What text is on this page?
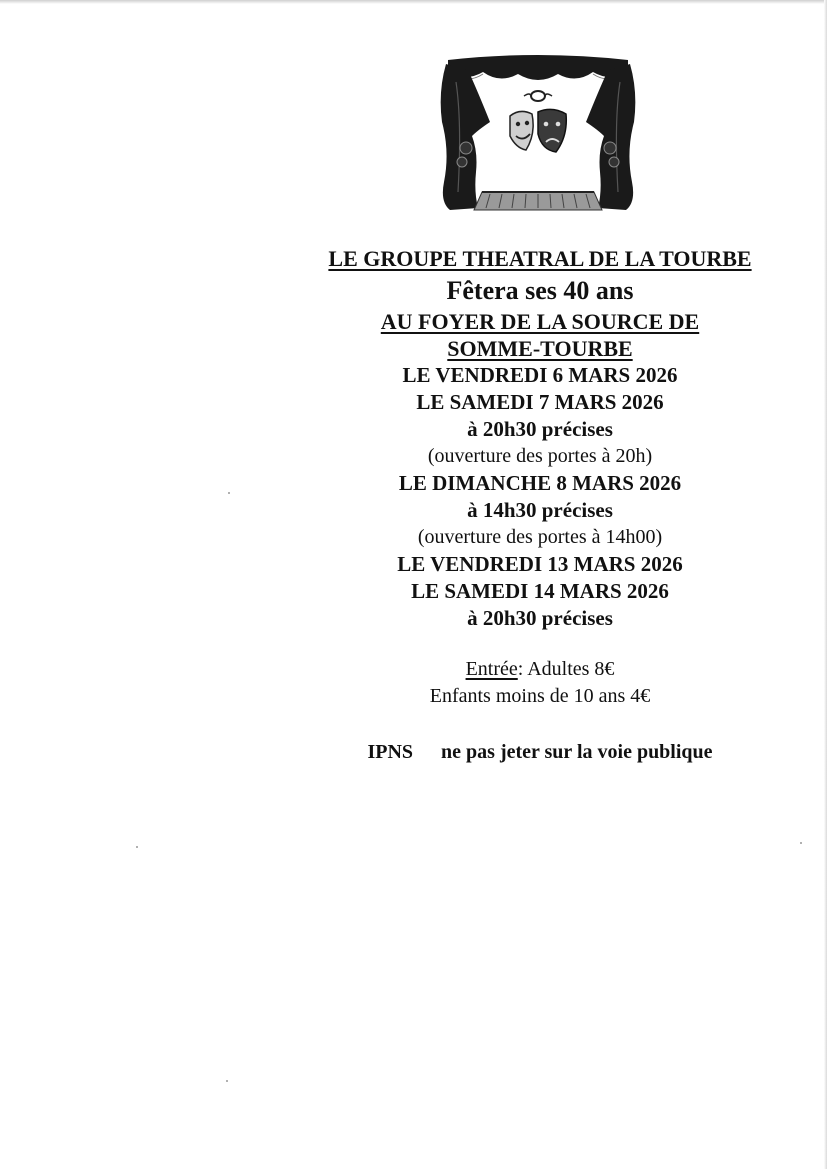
LE GROUPE THEATRAL DE LA TOURBE
Fêtera ses 40 ans
AU FOYER DE LA SOURCE DE
SOMME-TOURBE
LE VENDREDI 6 MARS 2026
LE SAMEDI 7 MARS 2026
à 20h30 précises
(ouverture des portes à 20h)
LE DIMANCHE 8 MARS 2026
à 14h30 précises
(ouverture des portes à 14h00)
LE VENDREDI 13 MARS 2026
LE SAMEDI 14 MARS 2026
à 20h30 précises
Entrée: Adultes 8€
Enfants moins de 10 ans 4€
IPNS ne pas jeter sur la voie publique
